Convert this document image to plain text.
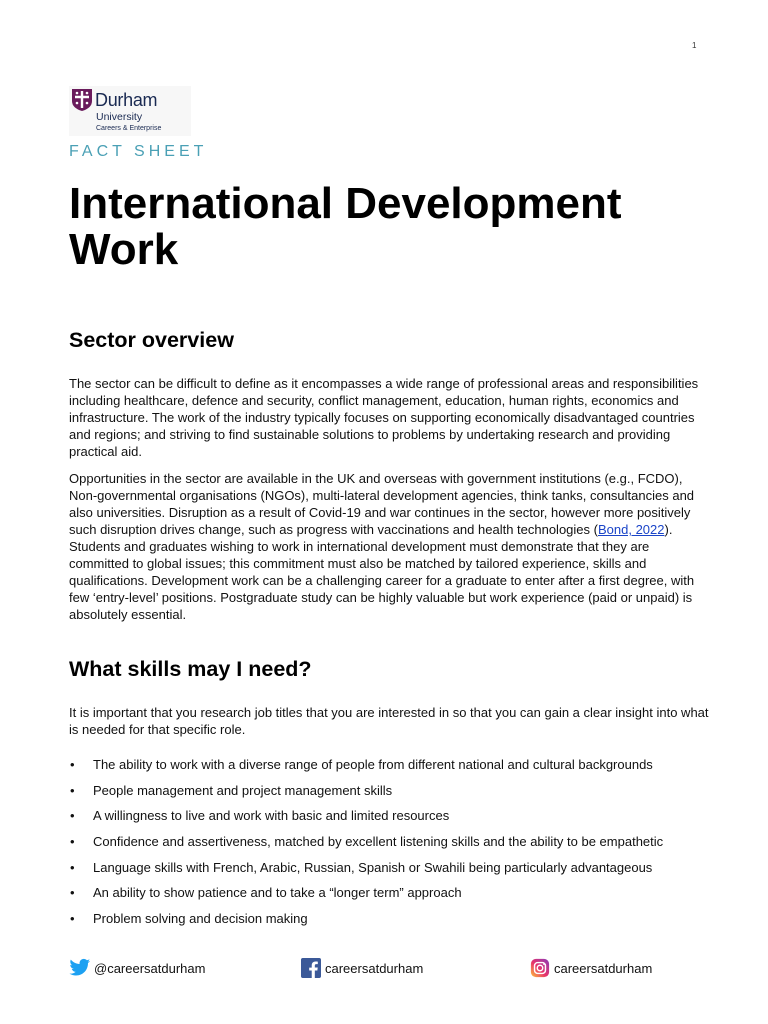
1
Durham
University
Careers & Enterprise
FACT SHEET
International Development Work
Sector overview

The sector can be difficult to define as it encompasses a wide range of professional areas and responsibilities including healthcare, defence and security, conflict management, education, human rights, economics and infrastructure. The work of the industry typically focuses on supporting economically disadvantaged countries and regions; and striving to find sustainable solutions to problems by undertaking research and providing practical aid.

Opportunities in the sector are available in the UK and overseas with government institutions (e.g., FCDO), Non-governmental organisations (NGOs), multi-lateral development agencies, think tanks, consultancies and also universities. Disruption as a result of Covid-19 and war continues in the sector, however more positively such disruption drives change, such as progress with vaccinations and health technologies (Bond, 2022). Students and graduates wishing to work in international development must demonstrate that they are committed to global issues; this commitment must also be matched by tailored experience, skills and qualifications. Development work can be a challenging career for a graduate to enter after a first degree, with few ‘entry-level’ positions. Postgraduate study can be highly valuable but work experience (paid or unpaid) is absolutely essential.

What skills may I need?

It is important that you research job titles that you are interested in so that you can gain a clear insight into what is needed for that specific role.

• The ability to work with a diverse range of people from different national and cultural backgrounds
• People management and project management skills
• A willingness to live and work with basic and limited resources
• Confidence and assertiveness, matched by excellent listening skills and the ability to be empathetic
• Language skills with French, Arabic, Russian, Spanish or Swahili being particularly advantageous
• An ability to show patience and to take a “longer term” approach
• Problem solving and decision making
@careersatdurham	careersatdurham	careersatdurham
